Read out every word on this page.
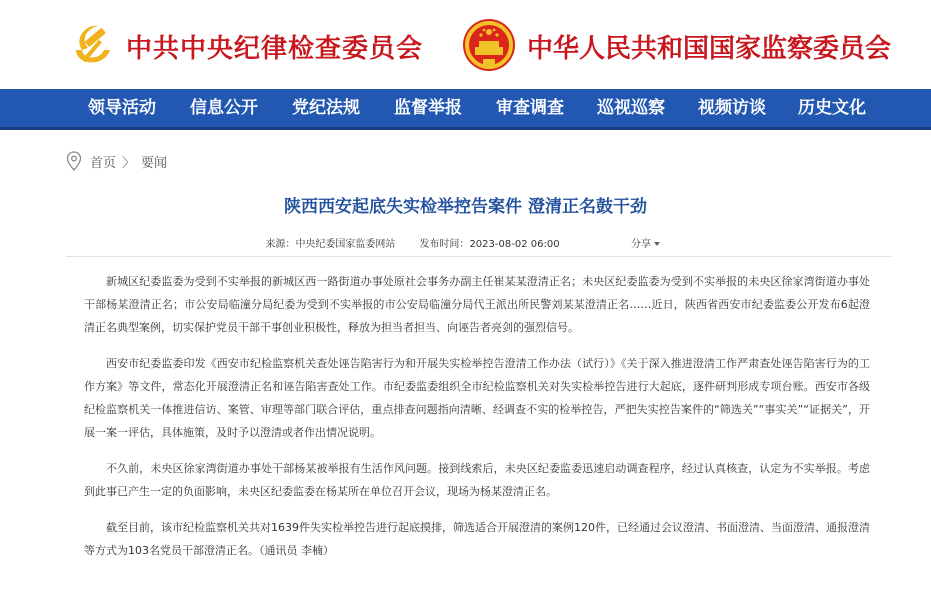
中共中央纪律检查委员会	中华人民共和国国家监察委员会
领导活动 信息公开 党纪法规 监督举报 审查调查 巡视巡察 视频访谈 历史文化
首页 〉 要闻
陕西西安起底失实检举控告案件 澄清正名鼓干劲
来源：中央纪委国家监委网站 发布时间：2023-08-02 06:00	分享

新城区纪委监委为受到不实举报的新城区西一路街道办事处原社会事务办副主任崔某某澄清正名；未央区纪委监委为受到不实举报的未央区徐家湾街道办事处干部杨某澄清正名；市公安局临潼分局纪委为受到不实举报的市公安局临潼分局代王派出所民警刘某某澄清正名……近日，陕西省西安市纪委监委公开发布6起澄清正名典型案例，切实保护党员干部干事创业积极性，释放为担当者担当、向诬告者亮剑的强烈信号。

西安市纪委监委印发《西安市纪检监察机关查处诬告陷害行为和开展失实检举控告澄清工作办法（试行）》《关于深入推进澄清工作严肃查处诬告陷害行为的工作方案》等文件，常态化开展澄清正名和诬告陷害查处工作。市纪委监委组织全市纪检监察机关对失实检举控告进行大起底，逐件研判形成专项台账。西安市各级纪检监察机关一体推进信访、案管、审理等部门联合评估，重点排查问题指向清晰、经调查不实的检举控告，严把失实控告案件的“筛选关”“事实关”“证据关”，开展一案一评估，具体施策，及时予以澄清或者作出情况说明。

不久前，未央区徐家湾街道办事处干部杨某被举报有生活作风问题。接到线索后，未央区纪委监委迅速启动调查程序，经过认真核查，认定为不实举报。考虑到此事已产生一定的负面影响，未央区纪委监委在杨某所在单位召开会议，现场为杨某澄清正名。

截至目前，该市纪检监察机关共对1639件失实检举控告进行起底摸排，筛选适合开展澄清的案例120件，已经通过会议澄清、书面澄清、当面澄清、通报澄清等方式为103名党员干部澄清正名。（通讯员 李楠）
